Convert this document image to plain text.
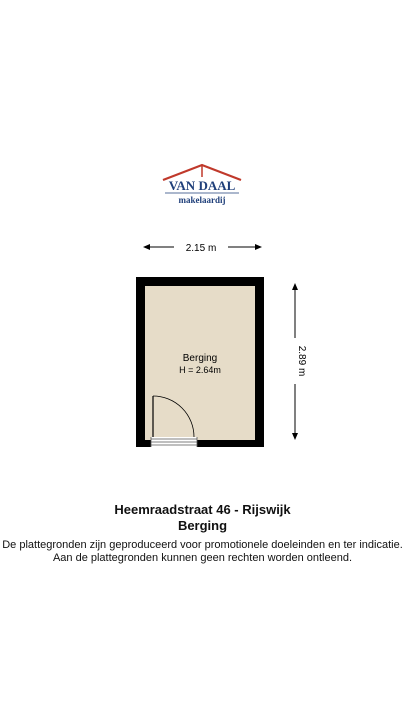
VAN DAAL
makelaardij
2.15 m
2.89 m
Berging
H = 2.64m
Heemraadstraat 46 - Rijswijk
Berging
De plattegronden zijn geproduceerd voor promotionele doeleinden en ter indicatie.
Aan de plattegronden kunnen geen rechten worden ontleend.
